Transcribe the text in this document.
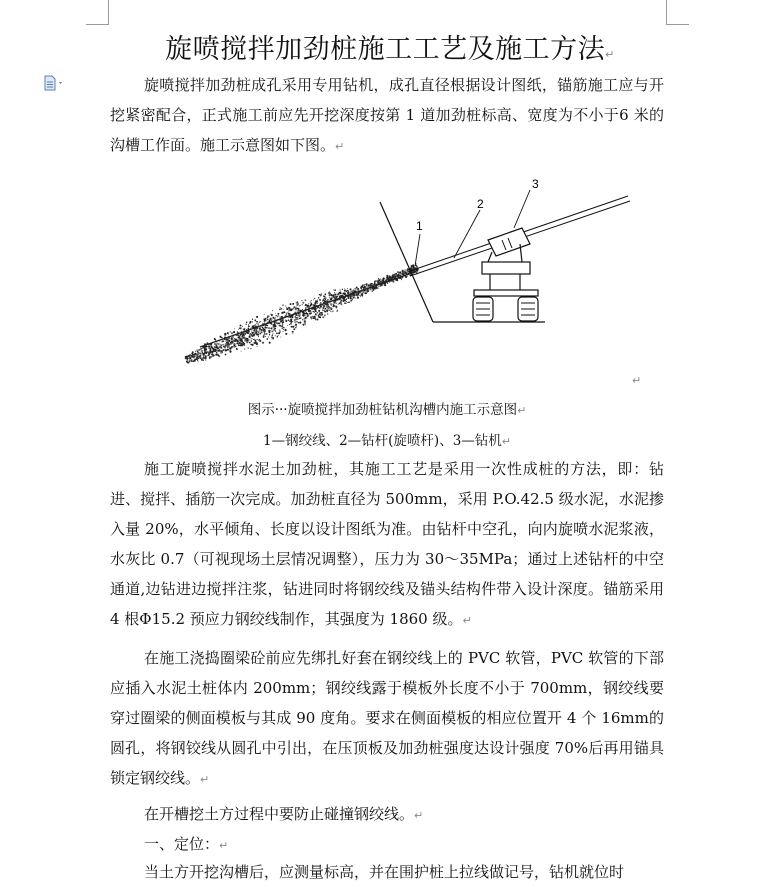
旋喷搅拌加劲桩施工工艺及施工方法↵
旋喷搅拌加劲桩成孔采用专用钻机，成孔直径根据设计图纸，锚筋施工应与开挖紧密配合，正式施工前应先开挖深度按第 1 道加劲桩标高、宽度为不小于6 米的沟槽工作面。施工示意图如下图。↵
1
2
3
↵
图示···旋喷搅拌加劲桩钻机沟槽内施工示意图↵
1—钢绞线、2—钻杆(旋喷杆)、3—钻机↵
施工旋喷搅拌水泥土加劲桩，其施工工艺是采用一次性成桩的方法，即：钻进、搅拌、插筋一次完成。加劲桩直径为 500mm，采用 P.O.42.5 级水泥，水泥掺入量 20%，水平倾角、长度以设计图纸为准。由钻杆中空孔，向内旋喷水泥浆液，水灰比 0.7（可视现场土层情况调整），压力为 30～35MPa；通过上述钻杆的中空通道,边钻进边搅拌注浆，钻进同时将钢绞线及锚头结构件带入设计深度。锚筋采用 4 根Φ15.2 预应力钢绞线制作，其强度为 1860 级。↵
在施工浇捣圈梁砼前应先绑扎好套在钢绞线上的 PVC 软管，PVC 软管的下部应插入水泥土桩体内 200mm；钢绞线露于模板外长度不小于 700mm，钢绞线要穿过圈梁的侧面模板与其成 90 度角。要求在侧面模板的相应位置开 4 个 16mm的圆孔，将钢铰线从圆孔中引出，在压顶板及加劲桩强度达设计强度 70%后再用锚具锁定钢绞线。↵
在开槽挖土方过程中要防止碰撞钢绞线。↵
一、定位：↵
当土方开挖沟槽后，应测量标高，并在围护桩上拉线做记号，钻机就位时
